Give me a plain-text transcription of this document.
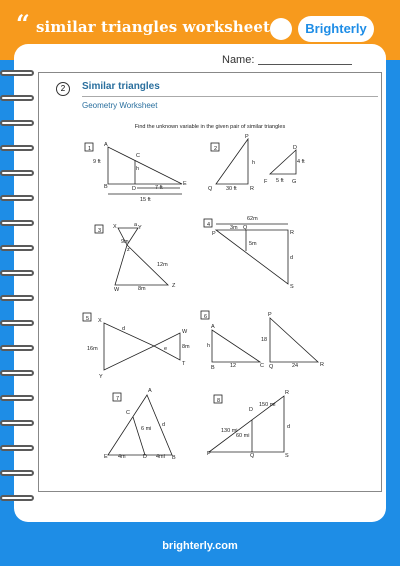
“ similar triangles worksheet	Brighterly
Name:
2	Similar triangles
Geometry Worksheet
Find the unknown variable in the given pair of similar triangles
1
A
9 ft
C
h
B	D	7 ft
E
15 ft
2
P
h
Q 30 ft R
D
4 ft
F 5 ft G
3
X	a Y
9m
z
12m
W	8m	Z
4
62m
P
3m Q
R
5m
d
S
5 X
d	W
16m	e	8m
Y
T
6
A
h
B	12	C
P
18
Q	24	R
7
A
C
6 mi
d
E 4m	D 4mi B
8
R
150 mi
D
130 mi
60 mi
d
P	Q	S
brighterly.com
